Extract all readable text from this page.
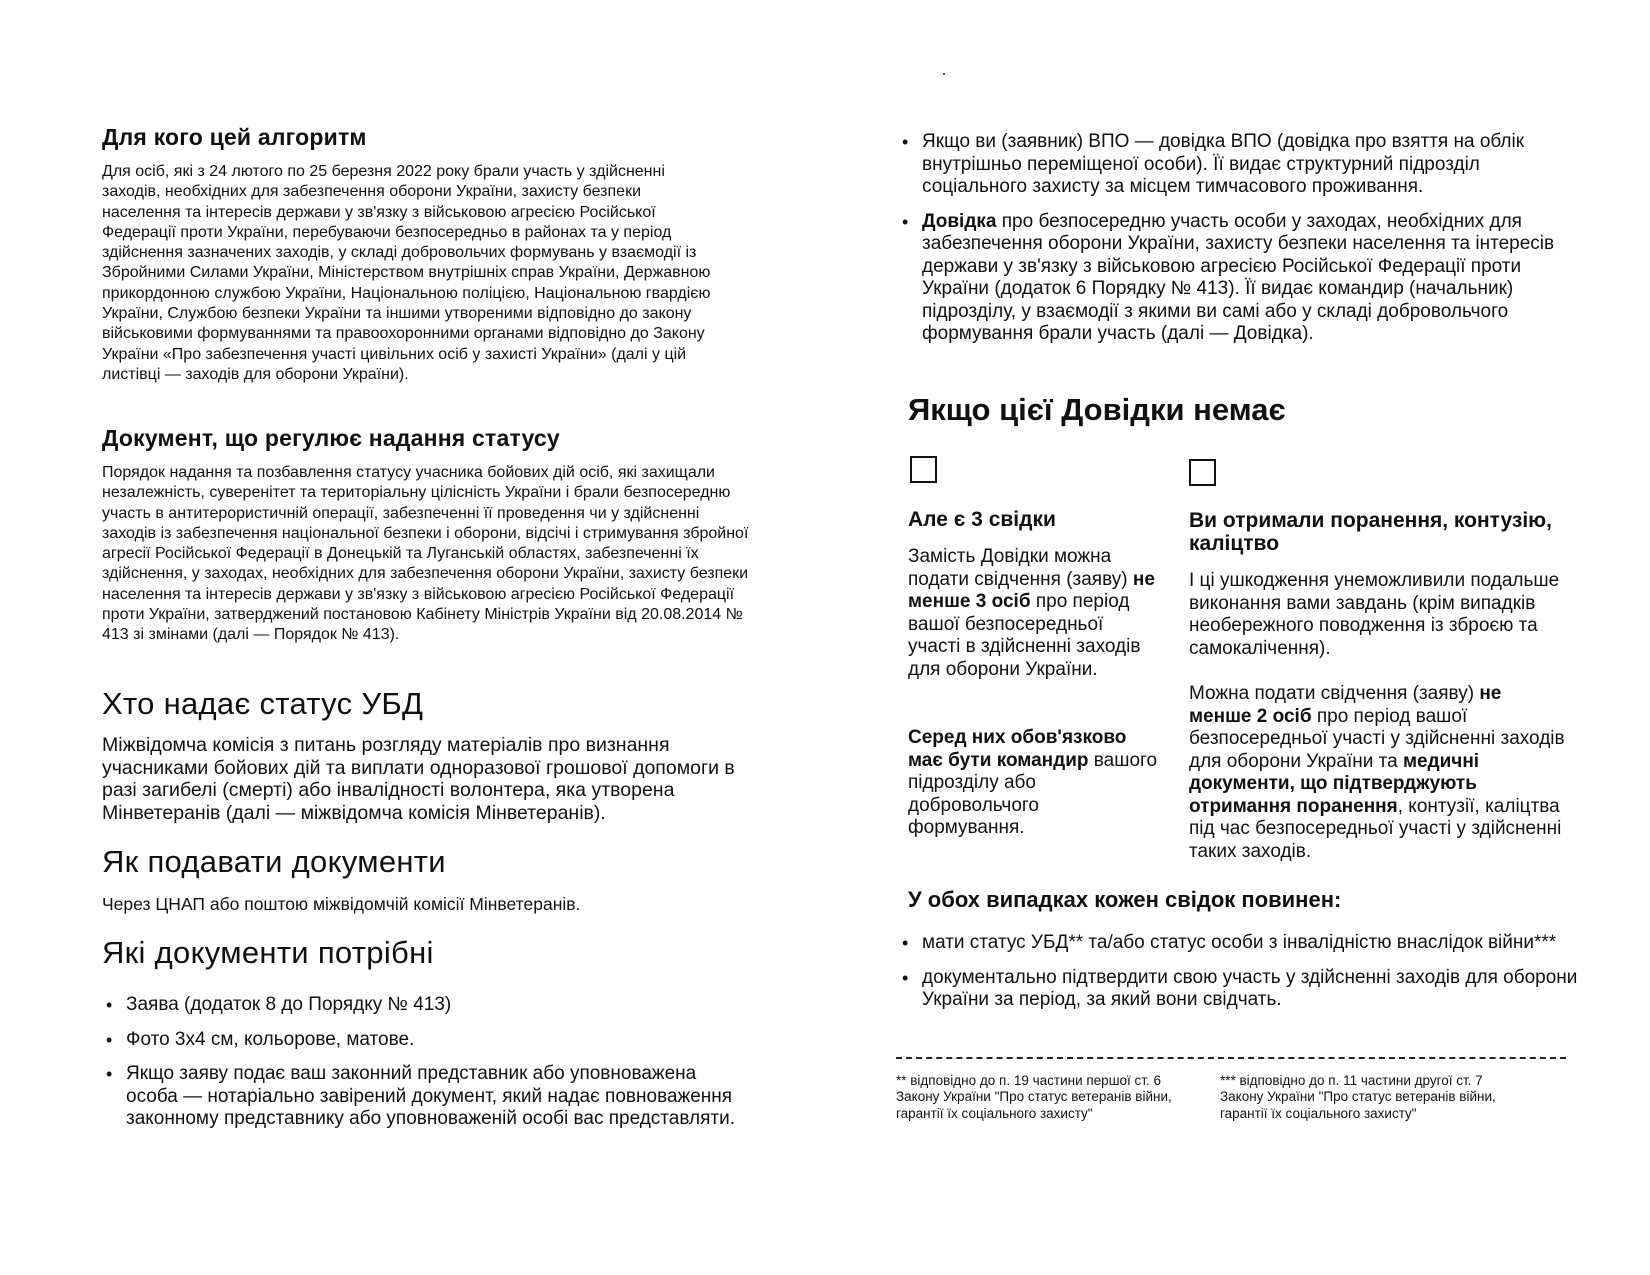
Для кого цей алгоритм

Для осіб, які з 24 лютого по 25 березня 2022 року брали участь у здійсненні заходів, необхідних для забезпечення оборони України, захисту безпеки населення та інтересів держави у зв'язку з військовою агресією Російської Федерації проти України, перебуваючи безпосередньо в районах та у період здійснення зазначених заходів, у складі добровольчих формувань у взаємодії із Збройними Силами України, Міністерством внутрішніх справ України, Державною прикордонною службою України, Національною поліцією, Національною гвардією України, Службою безпеки України та іншими утвореними відповідно до закону військовими формуваннями та правоохоронними органами відповідно до Закону України «Про забезпечення участі цивільних осіб у захисті України» (далі у цій листівці — заходів для оборони України).

Документ, що регулює надання статусу

Порядок надання та позбавлення статусу учасника бойових дій осіб, які захищали незалежність, суверенітет та територіальну цілісність України і брали безпосередню участь в антитерористичній операції, забезпеченні її проведення чи у здійсненні заходів із забезпечення національної безпеки і оборони, відсічі і стримування збройної агресії Російської Федерації в Донецькій та Луганській областях, забезпеченні їх здійснення, у заходах, необхідних для забезпечення оборони України, захисту безпеки населення та інтересів держави у зв'язку з військовою агресією Російської Федерації проти України, затверджений постановою Кабінету Міністрів України від 20.08.2014 № 413 зі змінами (далі — Порядок № 413).

Хто надає статус УБД

Міжвідомча комісія з питань розгляду матеріалів про визнання учасниками бойових дій та виплати одноразової грошової допомоги в разі загибелі (смерті) або інвалідності волонтера, яка утворена Мінветеранів (далі — міжвідомча комісія Мінветеранів).

Як подавати документи

Через ЦНАП або поштою міжвідомчій комісії Мінветеранів.

Які документи потрібні
• Заява (додаток 8 до Порядку № 413)
• Фото 3х4 см, кольорове, матове.
• Якщо заяву подає ваш законний представник або уповноважена особа — нотаріально завірений документ, який надає повноваження законному представнику або уповноваженій особі вас представляти.
• Якщо ви (заявник) ВПО — довідка ВПО (довідка про взяття на облік внутрішньо переміщеної особи). Її видає структурний підрозділ соціального захисту за місцем тимчасового проживання.
• Довідка про безпосередню участь особи у заходах, необхідних для забезпечення оборони України, захисту безпеки населення та інтересів держави у зв'язку з військовою агресією Російської Федерації проти України (додаток 6 Порядку № 413). Її видає командир (начальник) підрозділу, у взаємодії з якими ви самі або у складі добровольчого формування брали участь (далі — Довідка).
Якщо цієї Довідки немає
Але є 3 свідки

Замість Довідки можна подати свідчення (заяву) не менше 3 осіб про період вашої безпосередньої участі в здійсненні заходів для оборони України.

Серед них обов'язково має бути командир вашого підрозділу або добровольчого формування.

Ви отримали поранення, контузію, каліцтво

І ці ушкодження унеможливили подальше виконання вами завдань (крім випадків необережного поводження із зброєю та самокалічення).

Можна подати свідчення (заяву) не менше 2 осіб про період вашої безпосередньої участі у здійсненні заходів для оборони України та медичні документи, що підтверджують отримання поранення, контузії, каліцтва під час безпосередньої участі у здійсненні таких заходів.

У обох випадках кожен свідок повинен:
• мати статус УБД** та/або статус особи з інвалідністю внаслідок війни***
• документально підтвердити свою участь у здійсненні заходів для оборони України за період, за який вони свідчать.

** відповідно до п. 19 частини першої ст. 6 Закону України "Про статус ветеранів війни, гарантії їх соціального захисту"

*** відповідно до п. 11 частини другої ст. 7 Закону України "Про статус ветеранів війни, гарантії їх соціального захисту"
